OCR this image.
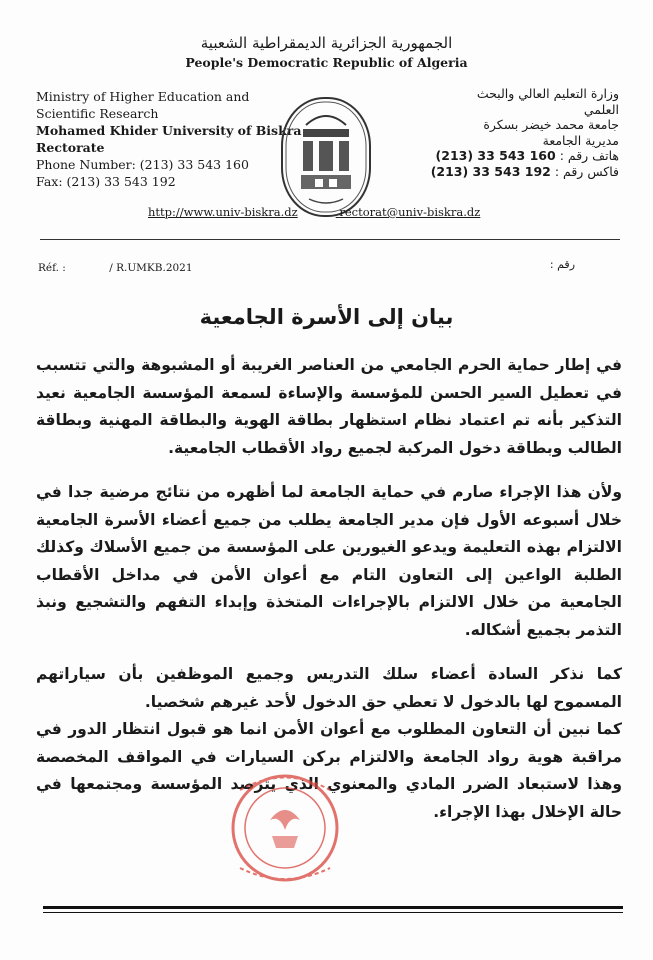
الجمهورية الجزائرية الديمقراطية الشعبية
People's Democratic Republic of Algeria
Ministry of Higher Education and
Scientific Research
Mohamed Khider University of Biskra
Rectorate
Phone Number: (213) 33 543 160
Fax: (213) 33 543 192
وزارة التعليم العالي والبحث
العلمي
جامعة محمد خيضر بسكرة
مديرية الجامعة
هاتف رقم : (213) 33 543 160
فاكس رقم : (213) 33 543 192
http://www.univ-biskra.dz	rectorat@univ-biskra.dz
Réf. :	/ R.UMKB.2021	رقم :
بيان إلى الأسرة الجامعية
في إطار حماية الحرم الجامعي من العناصر الغريبة أو المشبوهة والتي تتسبب في تعطيل السير الحسن للمؤسسة والإساءة لسمعة المؤسسة الجامعية نعيد التذكير بأنه تم اعتماد نظام استظهار بطاقة الهوية والبطاقة المهنية وبطاقة الطالب وبطاقة دخول المركبة لجميع رواد الأقطاب الجامعية.
ولأن هذا الإجراء صارم في حماية الجامعة لما أظهره من نتائج مرضية جدا في خلال أسبوعه الأول فإن مدير الجامعة يطلب من جميع أعضاء الأسرة الجامعية الالتزام بهذه التعليمة ويدعو الغيورين على المؤسسة من جميع الأسلاك وكذلك الطلبة الواعين إلى التعاون التام مع أعوان الأمن في مداخل الأقطاب الجامعية من خلال الالتزام بالإجراءات المتخذة وإبداء التفهم والتشجيع ونبذ التذمر بجميع أشكاله.
كما نذكر السادة أعضاء سلك التدريس وجميع الموظفين بأن سياراتهم المسموح لها بالدخول لا تعطي حق الدخول لأحد غيرهم شخصيا.
كما نبين أن التعاون المطلوب مع أعوان الأمن انما هو قبول انتظار الدور في مراقبة هوية رواد الجامعة والالتزام بركن السيارات في المواقف المخصصة وهذا لاستبعاد الضرر المادي والمعنوي الذي يترصد المؤسسة ومجتمعها في حالة الإخلال بهذا الإجراء.
